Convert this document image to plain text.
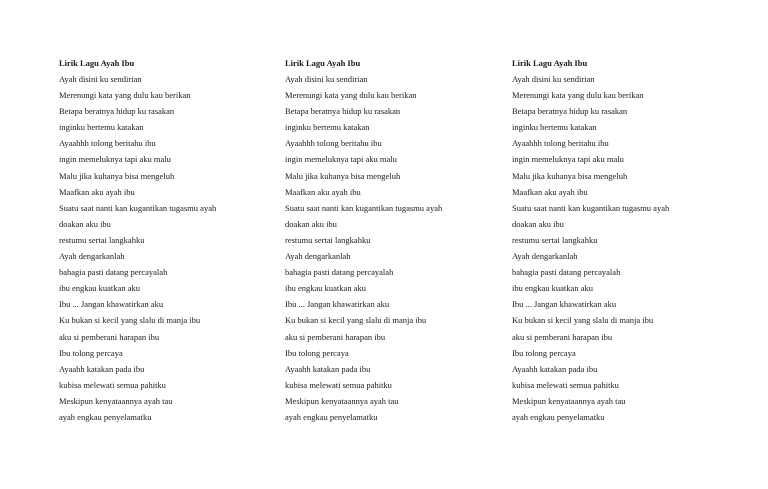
Lirik Lagu Ayah Ibu
Ayah disini ku sendirian
Merenungi kata yang dulu kau berikan
Betapa beratnya hidup ku rasakan
inginku bertemu katakan
Ayaahhh tolong beritahu ibu
ingin memeluknya tapi aku malu
Malu jika kuhanya bisa mengeluh
Maafkan aku ayah ibu
Suatu saat nanti kan kugantikan tugasmu ayah
doakan aku ibu
restumu sertai langkahku
Ayah dengarkanlah
bahagia pasti datang percayalah
ibu engkau kuatkan aku
Ibu ... Jangan khawatirkan aku
Ku bukan si kecil yang slalu di manja ibu
aku si pemberani harapan ibu
Ibu tolong percaya
Ayaahh katakan pada ibu
kubisa melewati semua pahitku
Meskipun kenyataannya ayah tau
ayah engkau penyelamatku
Lirik Lagu Ayah Ibu
Ayah disini ku sendirian
Merenungi kata yang dulu kau berikan
Betapa beratnya hidup ku rasakan
inginku bertemu katakan
Ayaahhh tolong beritahu ibu
ingin memeluknya tapi aku malu
Malu jika kuhanya bisa mengeluh
Maafkan aku ayah ibu
Suatu saat nanti kan kugantikan tugasmu ayah
doakan aku ibu
restumu sertai langkahku
Ayah dengarkanlah
bahagia pasti datang percayalah
ibu engkau kuatkan aku
Ibu ... Jangan khawatirkan aku
Ku bukan si kecil yang slalu di manja ibu
aku si pemberani harapan ibu
Ibu tolong percaya
Ayaahh katakan pada ibu
kubisa melewati semua pahitku
Meskipun kenyataannya ayah tau
ayah engkau penyelamatku
Lirik Lagu Ayah Ibu
Ayah disini ku sendirian
Merenungi kata yang dulu kau berikan
Betapa beratnya hidup ku rasakan
inginku bertemu katakan
Ayaahhh tolong beritahu ibu
ingin memeluknya tapi aku malu
Malu jika kuhanya bisa mengeluh
Maafkan aku ayah ibu
Suatu saat nanti kan kugantikan tugasmu ayah
doakan aku ibu
restumu sertai langkahku
Ayah dengarkanlah
bahagia pasti datang percayalah
ibu engkau kuatkan aku
Ibu ... Jangan khawatirkan aku
Ku bukan si kecil yang slalu di manja ibu
aku si pemberani harapan ibu
Ibu tolong percaya
Ayaahh katakan pada ibu
kubisa melewati semua pahitku
Meskipun kenyataannya ayah tau
ayah engkau penyelamatku
